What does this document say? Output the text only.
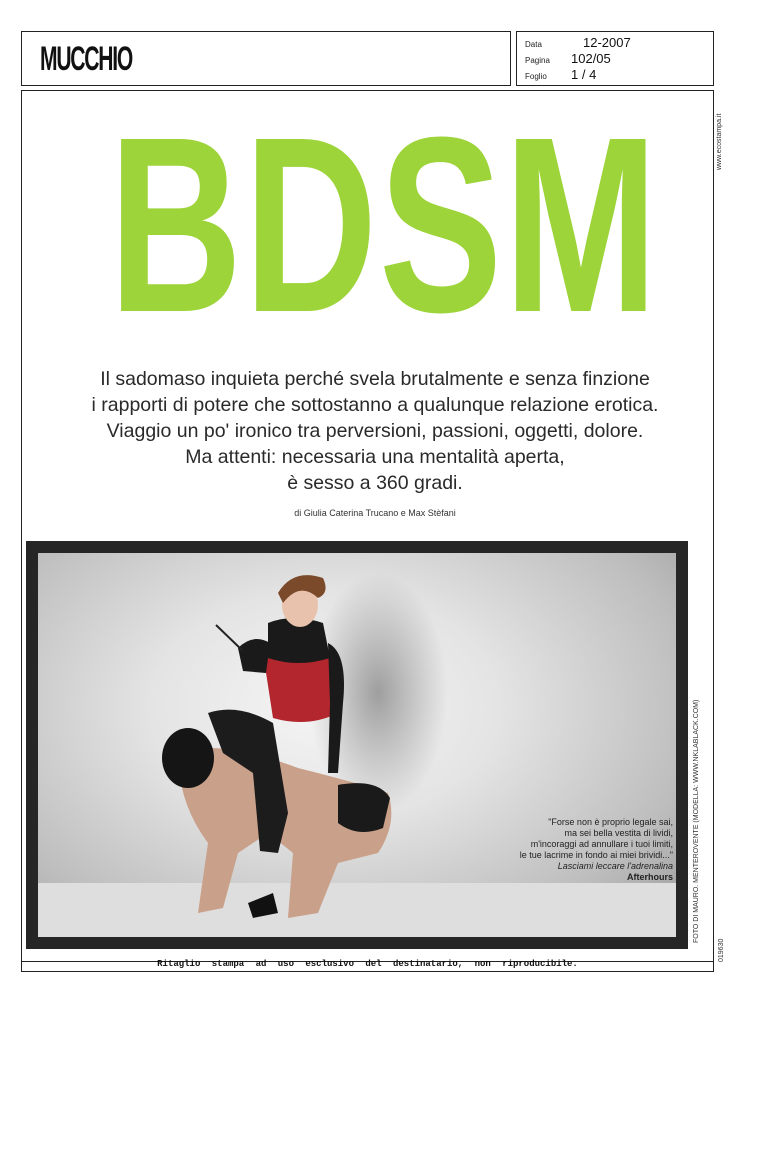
MUCCHIO	Data	12-2007
Pagina	102/05
Foglio	1 / 4
www.ecostampa.it
BDSM
Il sadomaso inquieta perché svela brutalmente e senza finzione
i rapporti di potere che sottostanno a qualunque relazione erotica.
Viaggio un po' ironico tra perversioni, passioni, oggetti, dolore.
Ma attenti: necessaria una mentalità aperta,
è sesso a 360 gradi.
di Giulia Caterina Trucano e Max Stèfani
"Forse non è proprio legale sai,
ma sei bella vestita di lividi,
m'incoraggi ad annullare i tuoi limiti,
le tue lacrime in fondo ai miei brividi..."
Lasciami leccare l'adrenalina
Afterhours	FOTO DI MAURO. MENTEROVENTE (MODELLA: WWW.NKLABLACK.COM)
019630
Ritaglio stampa ad uso esclusivo del destinatario, non riproducibile.
